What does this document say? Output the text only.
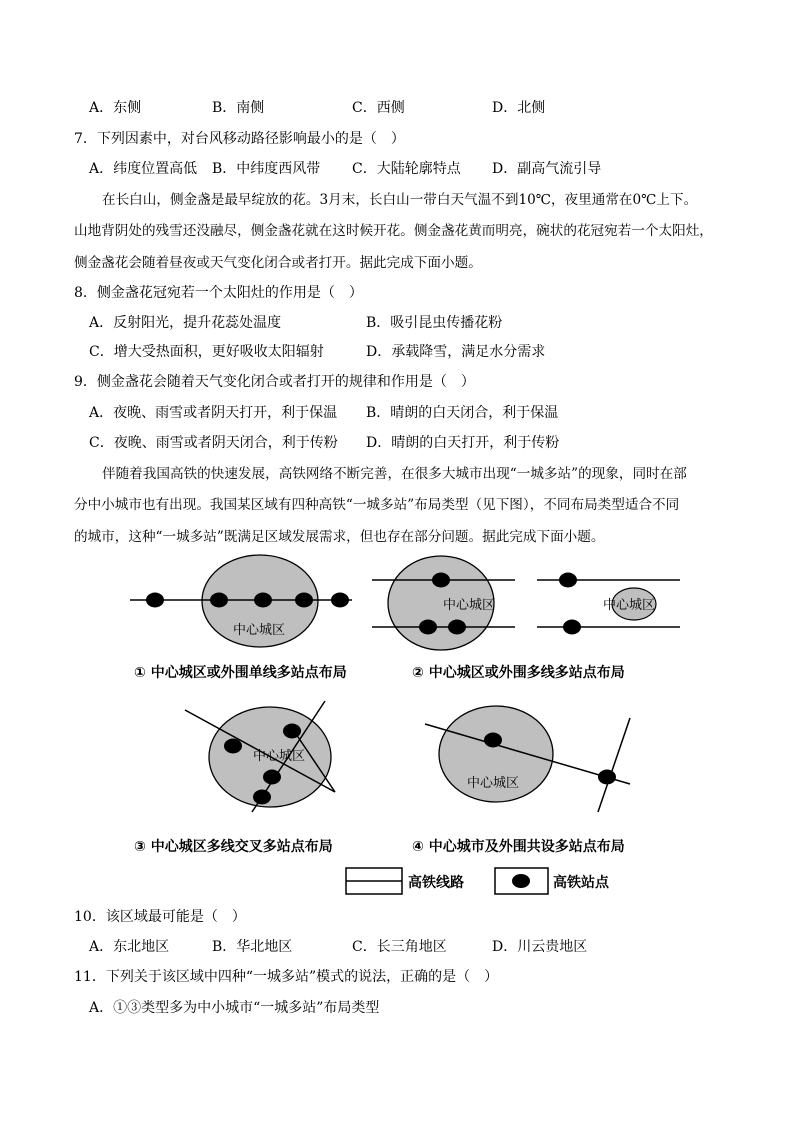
A．东侧	B．南侧	C．西侧	D．北侧
7．下列因素中，对台风移动路径影响最小的是（　）
A．纬度位置高低 B．中纬度西风带 C．大陆轮廓特点 D．副高气流引导
在长白山，侧金盏是最早绽放的花。3月末，长白山一带白天气温不到10℃，夜里通常在0℃上下。
山地背阴处的残雪还没融尽，侧金盏花就在这时候开花。侧金盏花黄而明亮，碗状的花冠宛若一个太阳灶，
侧金盏花会随着昼夜或天气变化闭合或者打开。据此完成下面小题。
8．侧金盏花冠宛若一个太阳灶的作用是（　）
A．反射阳光，提升花蕊处温度	B．吸引昆虫传播花粉
C．增大受热面积，更好吸收太阳辐射	D．承载降雪，满足水分需求
9．侧金盏花会随着天气变化闭合或者打开的规律和作用是（　）
A．夜晚、雨雪或者阴天打开，利于保温 B．晴朗的白天闭合，利于保温
C．夜晚、雨雪或者阴天闭合，利于传粉 D．晴朗的白天打开，利于传粉
伴随着我国高铁的快速发展，高铁网络不断完善，在很多大城市出现“一城多站”的现象，同时在部
分中小城市也有出现。我国某区域有四种高铁“一城多站”布局类型（见下图），不同布局类型适合不同
的城市，这种“一城多站”既满足区域发展需求，但也存在部分问题。据此完成下面小题。
中心城区
中心城区	中心城区
① 中心城区或外围单线多站点布局	② 中心城区或外围多线多站点布局
中心城区
中心城区
③ 中心城区多线交叉多站点布局	④ 中心城市及外围共设多站点布局
高铁线路	高铁站点
10．该区域最可能是（　）
A．东北地区	B．华北地区	C．长三角地区	D．川云贵地区
11．下列关于该区域中四种“一城多站”模式的说法，正确的是（　）
A．①③类型多为中小城市“一城多站”布局类型
